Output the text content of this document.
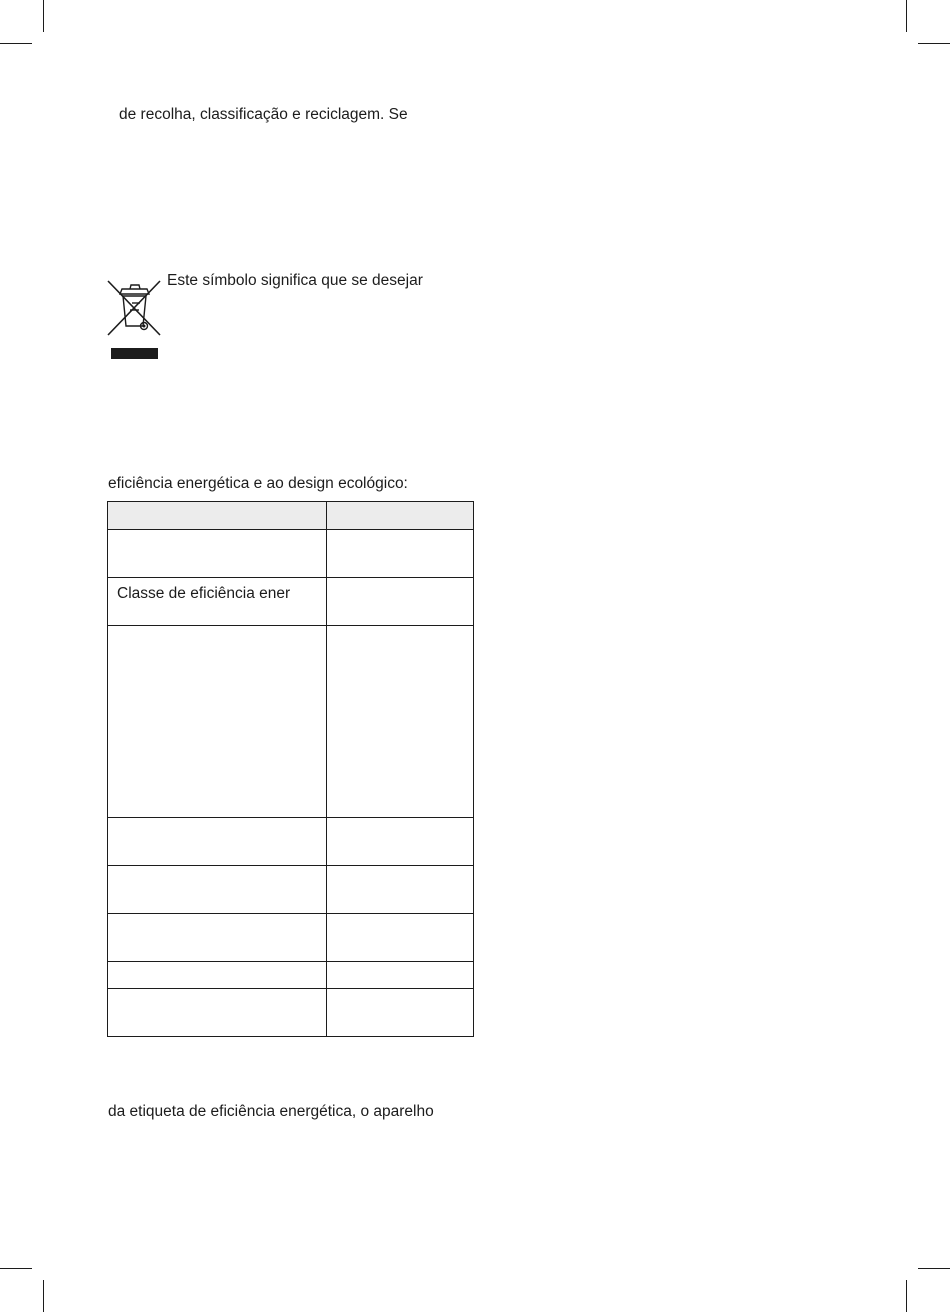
de recolha, classificação e reciclagem. Se
Este símbolo significa que se desejar
eficiência energética e ao design ecológico:

Classe de eficiência ener	

da etiqueta de eficiência energética, o aparelho
